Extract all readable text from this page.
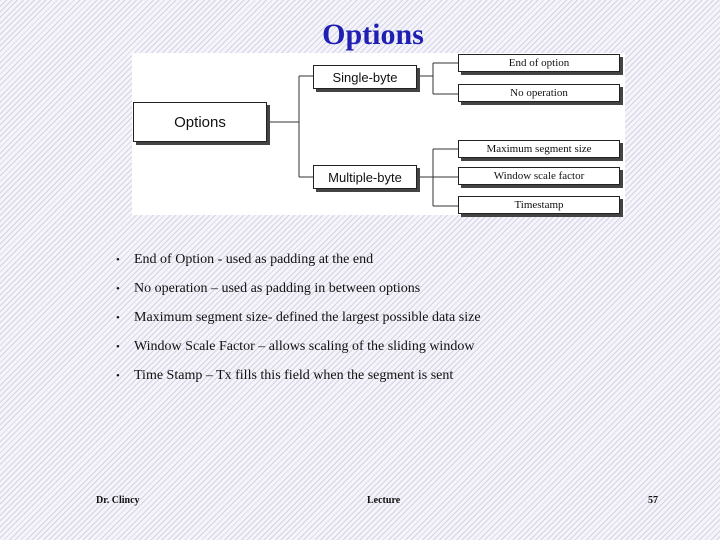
Options
Options
Single-byte
Multiple-byte
End of option
No operation
Maximum segment size
Window scale factor
Timestamp
• End of Option - used as padding at the end
• No operation – used as padding in between options
• Maximum segment size- defined the largest possible data size
• Window Scale Factor – allows scaling of the sliding window
• Time Stamp – Tx fills this field when the segment is sent
Dr. Clincy	Lecture	57
